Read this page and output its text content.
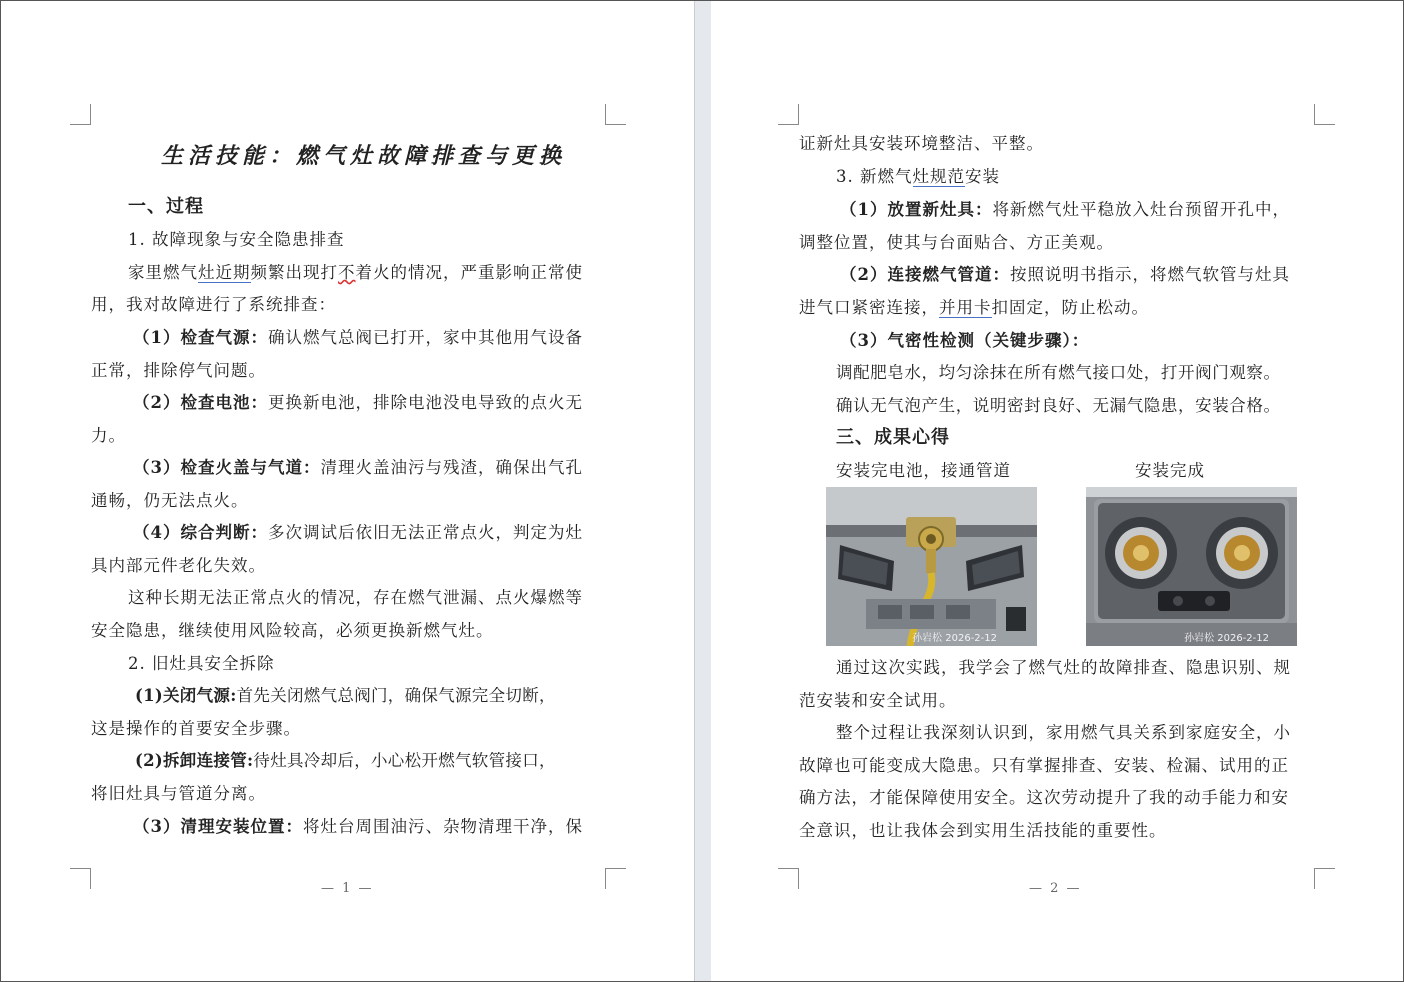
生活技能：燃气灶故障排查与更换
一、过程
1. 故障现象与安全隐患排查
家里燃气灶近期频繁出现打不着火的情况，严重影响正常使
用，我对故障进行了系统排查：
（1）检查气源：确认燃气总阀已打开，家中其他用气设备
正常，排除停气问题。
（2）检查电池：更换新电池，排除电池没电导致的点火无
力。
（3）检查火盖与气道：清理火盖油污与残渣，确保出气孔
通畅，仍无法点火。
（4）综合判断：多次调试后依旧无法正常点火，判定为灶
具内部元件老化失效。
这种长期无法正常点火的情况，存在燃气泄漏、点火爆燃等
安全隐患，继续使用风险较高，必须更换新燃气灶。
2. 旧灶具安全拆除
(1)关闭气源:首先关闭燃气总阀门，确保气源完全切断，
这是操作的首要安全步骤。
(2)拆卸连接管:待灶具冷却后，小心松开燃气软管接口，
将旧灶具与管道分离。
（3）清理安装位置：将灶台周围油污、杂物清理干净，保
— 1 —
证新灶具安装环境整洁、平整。
3. 新燃气灶规范安装
（1）放置新灶具：将新燃气灶平稳放入灶台预留开孔中，
调整位置，使其与台面贴合、方正美观。
（2）连接燃气管道：按照说明书指示，将燃气软管与灶具
进气口紧密连接，并用卡扣固定，防止松动。
（3）气密性检测（关键步骤）：
调配肥皂水，均匀涂抹在所有燃气接口处，打开阀门观察。
确认无气泡产生，说明密封良好、无漏气隐患，安装合格。
三、成果心得
安装完电池，接通管道	安装完成
孙岩松 2026-2-12	孙岩松 2026-2-12
通过这次实践，我学会了燃气灶的故障排查、隐患识别、规
范安装和安全试用。
整个过程让我深刻认识到，家用燃气具关系到家庭安全，小
故障也可能变成大隐患。只有掌握排查、安装、检漏、试用的正
确方法，才能保障使用安全。这次劳动提升了我的动手能力和安
全意识，也让我体会到实用生活技能的重要性。
— 2 —
